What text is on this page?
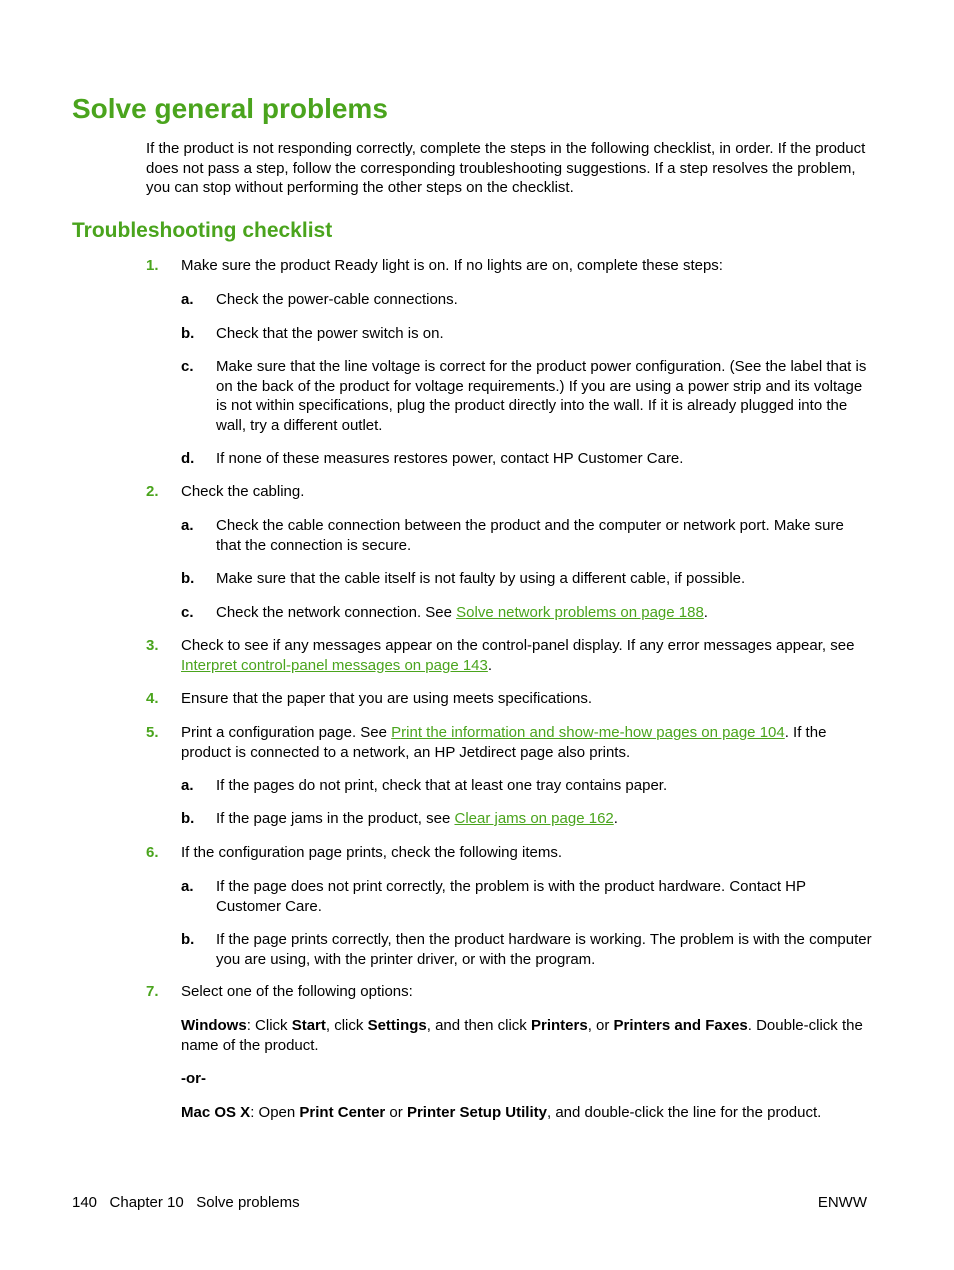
Solve general problems

If the product is not responding correctly, complete the steps in the following checklist, in order. If the product does not pass a step, follow the corresponding troubleshooting suggestions. If a step resolves the problem, you can stop without performing the other steps on the checklist.

Troubleshooting checklist
1. Make sure the product Ready light is on. If no lights are on, complete these steps:
a. Check the power-cable connections.
b. Check that the power switch is on.
c. Make sure that the line voltage is correct for the product power configuration. (See the label that is on the back of the product for voltage requirements.) If you are using a power strip and its voltage is not within specifications, plug the product directly into the wall. If it is already plugged into the wall, try a different outlet.
d. If none of these measures restores power, contact HP Customer Care.
2. Check the cabling.
a. Check the cable connection between the product and the computer or network port. Make sure that the connection is secure.
b. Make sure that the cable itself is not faulty by using a different cable, if possible.
c. Check the network connection. See Solve network problems on page 188.
3. Check to see if any messages appear on the control-panel display. If any error messages appear, see Interpret control-panel messages on page 143.
4. Ensure that the paper that you are using meets specifications.
5. Print a configuration page. See Print the information and show-me-how pages on page 104. If the product is connected to a network, an HP Jetdirect page also prints.
a. If the pages do not print, check that at least one tray contains paper.
b. If the page jams in the product, see Clear jams on page 162.
6. If the configuration page prints, check the following items.
a. If the page does not print correctly, the problem is with the product hardware. Contact HP Customer Care.
b. If the page prints correctly, then the product hardware is working. The problem is with the computer you are using, with the printer driver, or with the program.
7. Select one of the following options:

Windows: Click Start, click Settings, and then click Printers, or Printers and Faxes. Double-click the name of the product.

-or-

Mac OS X: Open Print Center or Printer Setup Utility, and double-click the line for the product.

140   Chapter 10   Solve problems	ENWW
